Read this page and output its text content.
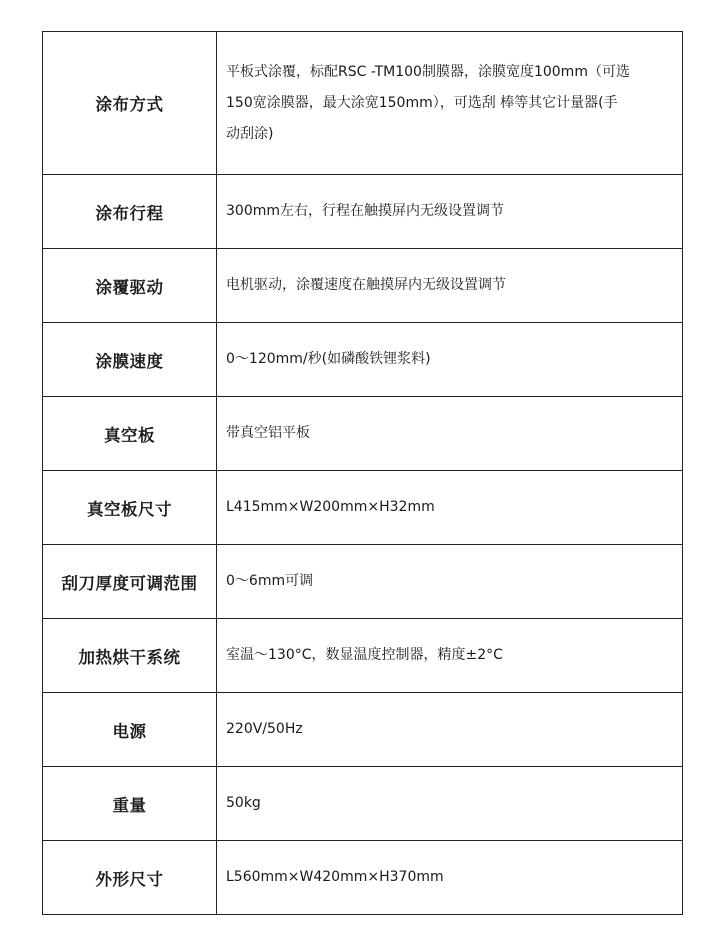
涂布方式	平板式涂覆，标配RSC -TM100制膜器，涂膜宽度100mm（可选
150宽涂膜器，最大涂宽150mm），可选刮 棒等其它计量器(手
动刮涂)

涂布行程	300mm左右，行程在触摸屏内无级设置调节
涂覆驱动	电机驱动，涂覆速度在触摸屏内无级设置调节
涂膜速度	0～120mm/秒(如磷酸铁锂浆料)
真空板	带真空铝平板
真空板尺寸	L415mm×W200mm×H32mm
刮刀厚度可调范围	0～6mm可调
加热烘干系统	室温～130°C，数显温度控制器，精度±2°C
电源	220V/50Hz
重量	50kg
外形尺寸	L560mm×W420mm×H370mm
